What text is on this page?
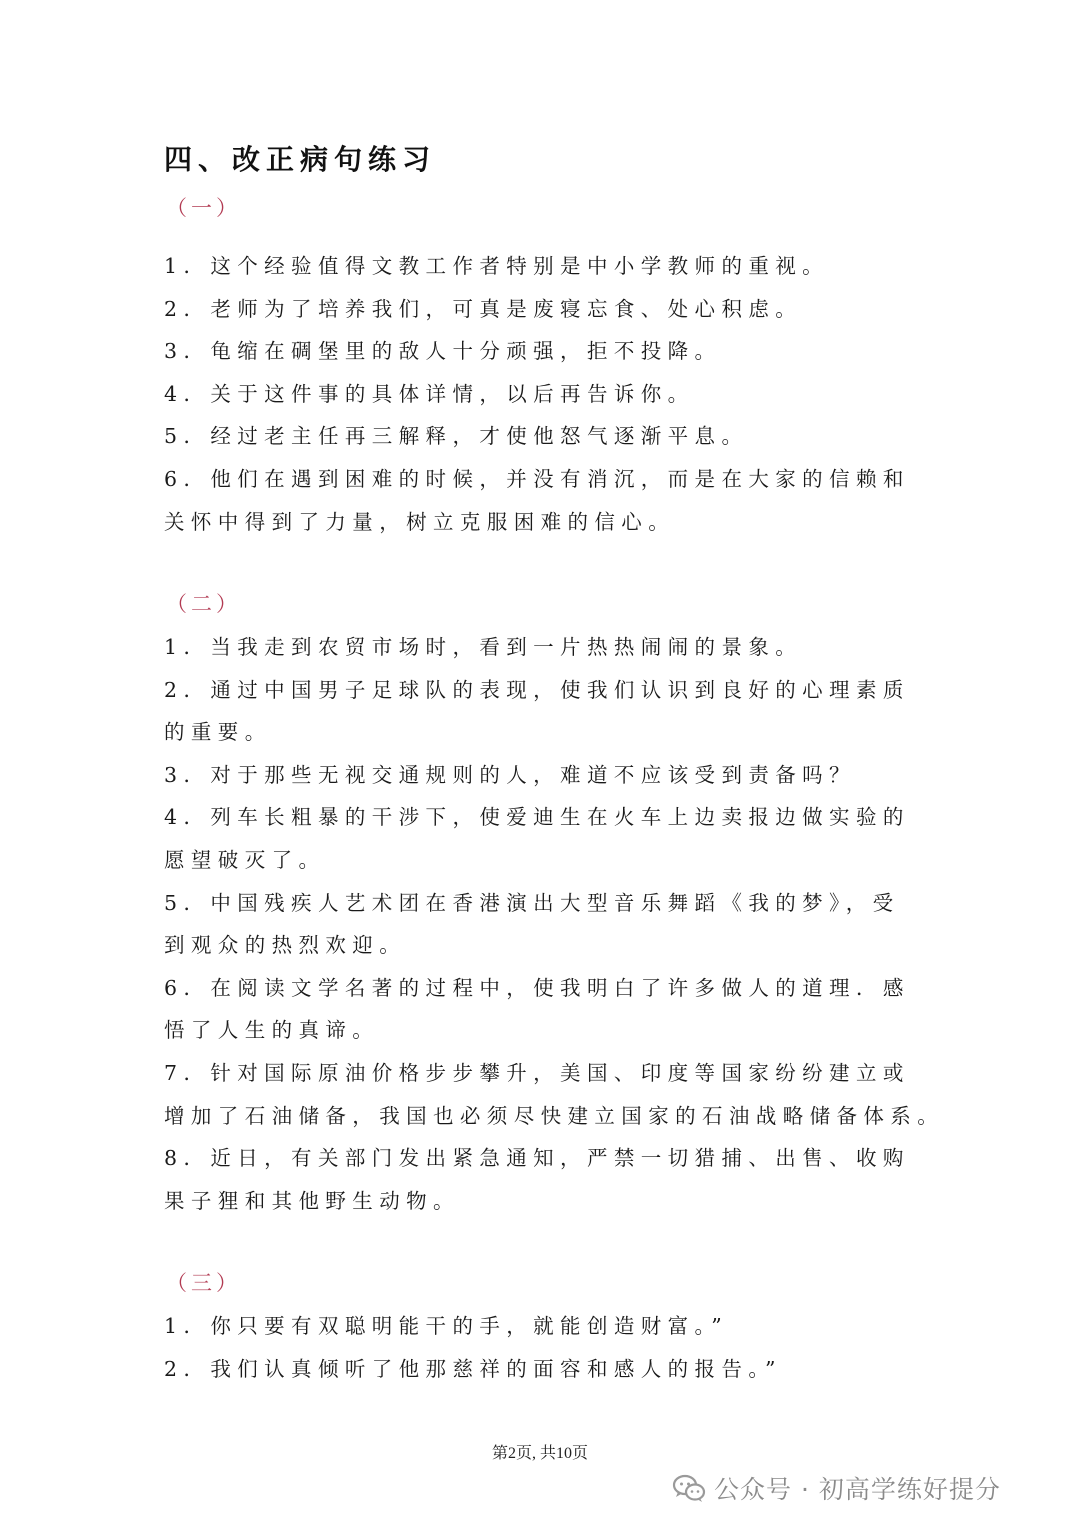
四、改正病句练习
（一）
1．这个经验值得文教工作者特别是中小学教师的重视。
2．老师为了培养我们，可真是废寝忘食、处心积虑。
3．龟缩在碉堡里的敌人十分顽强，拒不投降。
4．关于这件事的具体详情，以后再告诉你。
5．经过老主任再三解释，才使他怒气逐渐平息。
6．他们在遇到困难的时候，并没有消沉，而是在大家的信赖和
关怀中得到了力量，树立克服困难的信心。
（二）
1．当我走到农贸市场时，看到一片热热闹闹的景象。
2．通过中国男子足球队的表现，使我们认识到良好的心理素质
的重要。
3．对于那些无视交通规则的人，难道不应该受到责备吗？
4．列车长粗暴的干涉下，使爱迪生在火车上边卖报边做实验的
愿望破灭了。
5．中国残疾人艺术团在香港演出大型音乐舞蹈《我的梦》，受
到观众的热烈欢迎。
6．在阅读文学名著的过程中，使我明白了许多做人的道理．感
悟了人生的真谛。
7．针对国际原油价格步步攀升，美国、印度等国家纷纷建立或
增加了石油储备，我国也必须尽快建立国家的石油战略储备体系。
8．近日，有关部门发出紧急通知，严禁一切猎捕、出售、收购
果子狸和其他野生动物。
（三）
1．你只要有双聪明能干的手，就能创造财富。”
2．我们认真倾听了他那慈祥的面容和感人的报告。”
第2页, 共10页
公众号 · 初高学练好提分
